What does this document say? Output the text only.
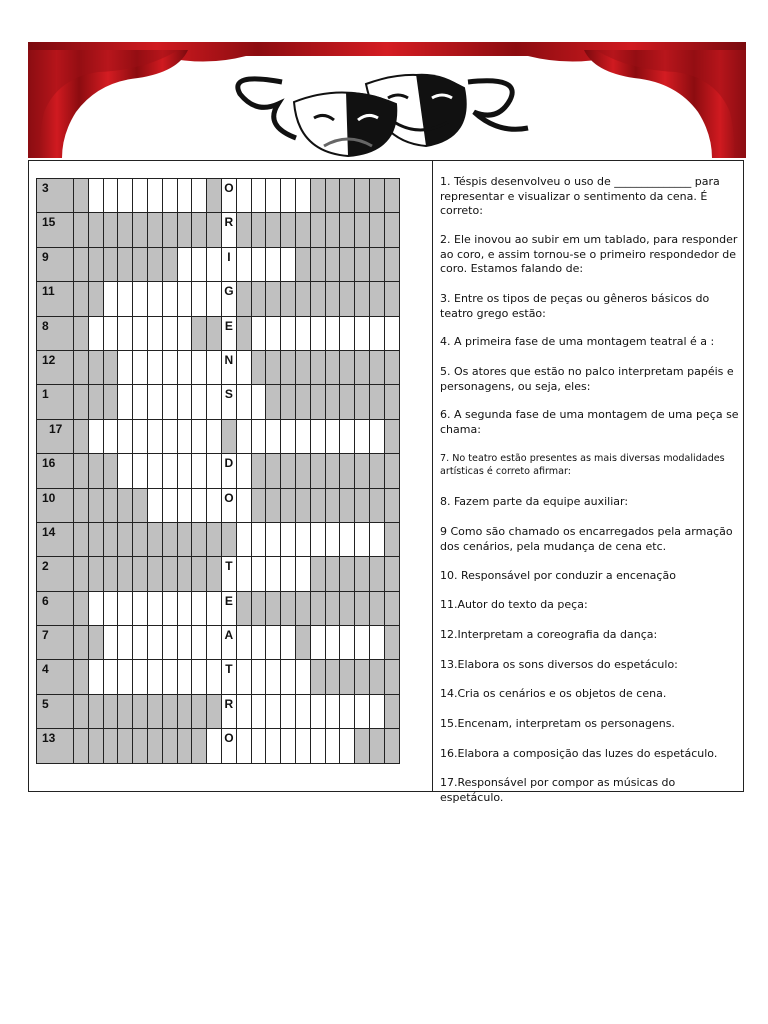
3											O											
15											R											
9											I											
11											G											
8											E											
12											N											
1											S											
17																						
16											D											
10											O											
14																						
2											T											
6											E											
7											A											
4											T											
5											R											
13											O											

1. Téspis desenvolveu o uso de ______________ para representar e visualizar o sentimento da cena. É correto:

2. Ele inovou ao subir em um tablado, para responder ao coro, e assim tornou-se o primeiro respondedor de coro. Estamos falando de:

3. Entre os tipos de peças ou gêneros básicos do teatro grego estão:

4. A primeira fase de uma montagem teatral é a :

5. Os atores que estão no palco interpretam papéis e personagens, ou seja, eles:

6. A segunda fase de uma montagem de uma peça se chama:

7. No teatro estão presentes as mais diversas modalidades artísticas é correto afirmar:

8. Fazem parte da equipe auxiliar:

9 Como são chamado os encarregados pela armação dos cenários, pela mudança de cena etc.

10. Responsável por conduzir a encenação

11.Autor do texto da peça:

12.Interpretam a coreografia da dança:

13.Elabora os sons diversos do espetáculo:

14.Cria os cenários e os objetos de cena.

15.Encenam, interpretam os personagens.

16.Elabora a composição das luzes do espetáculo.

17.Responsável por compor as músicas do espetáculo.
